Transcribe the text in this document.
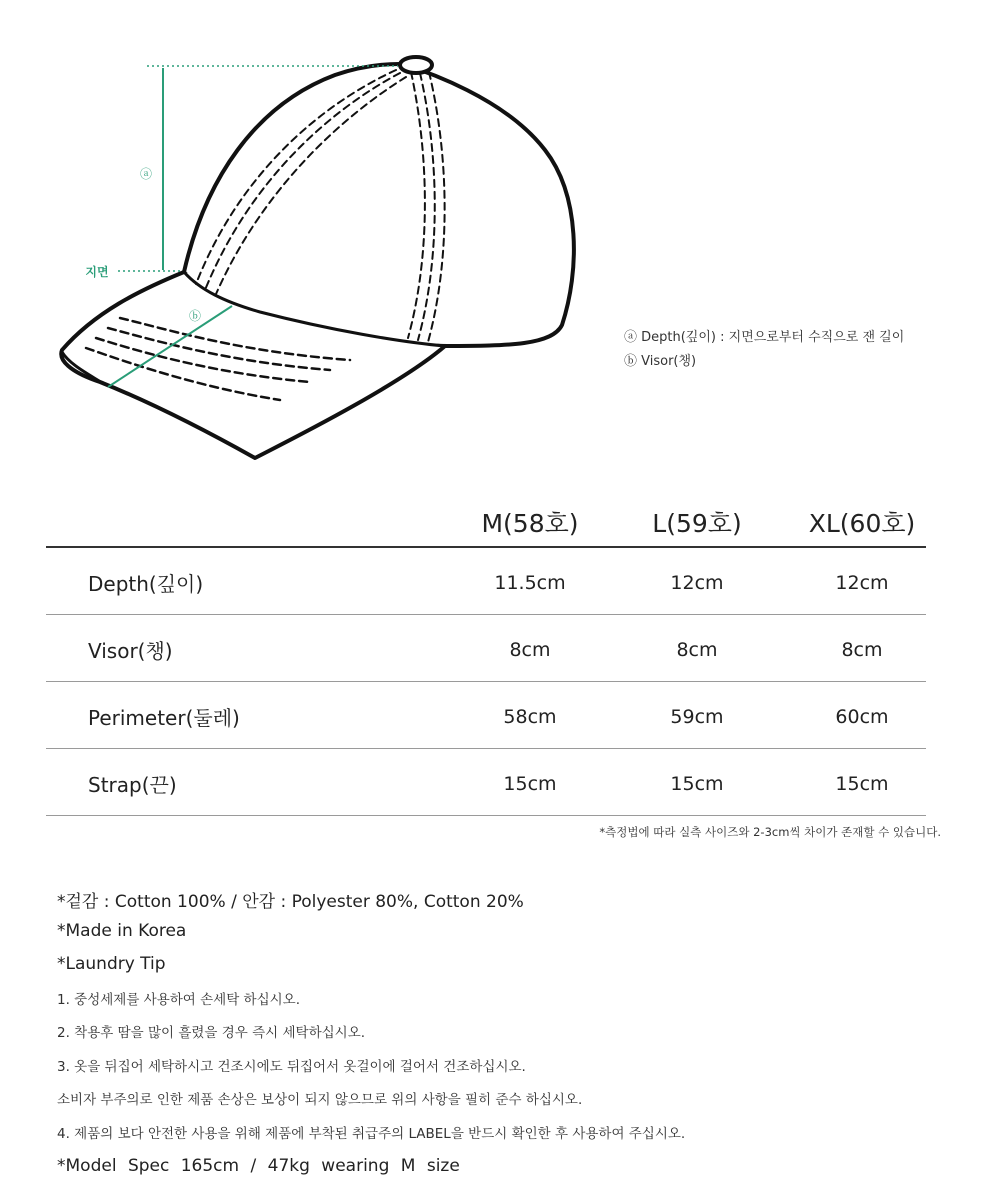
ⓐ
ⓑ
지면
ⓐ Depth(깊이) : 지면으로부터 수직으로 잰 길이
ⓑ Visor(챙)
M(58호)	L(59호)	XL(60호)
Depth(깊이)	11.5cm	12cm	12cm
Visor(챙)	8cm	8cm	8cm
Perimeter(둘레)	58cm	59cm	60cm
Strap(끈)	15cm	15cm	15cm
*측정법에 따라 실측 사이즈와 2-3cm씩 차이가 존재할 수 있습니다.
*겉감 : Cotton 100% / 안감 : Polyester 80%, Cotton 20%
*Made in Korea
*Laundry Tip
1. 중성세제를 사용하여 손세탁 하십시오.
2. 착용후 땀을 많이 흘렸을 경우 즉시 세탁하십시오.
3. 옷을 뒤집어 세탁하시고 건조시에도 뒤집어서 옷걸이에 걸어서 건조하십시오.
소비자 부주의로 인한 제품 손상은 보상이 되지 않으므로 위의 사항을 필히 준수 하십시오.
4. 제품의 보다 안전한 사용을 위해 제품에 부착된 취급주의 LABEL을 반드시 확인한 후 사용하여 주십시오.
*Model Spec 165cm / 47kg wearing M size
